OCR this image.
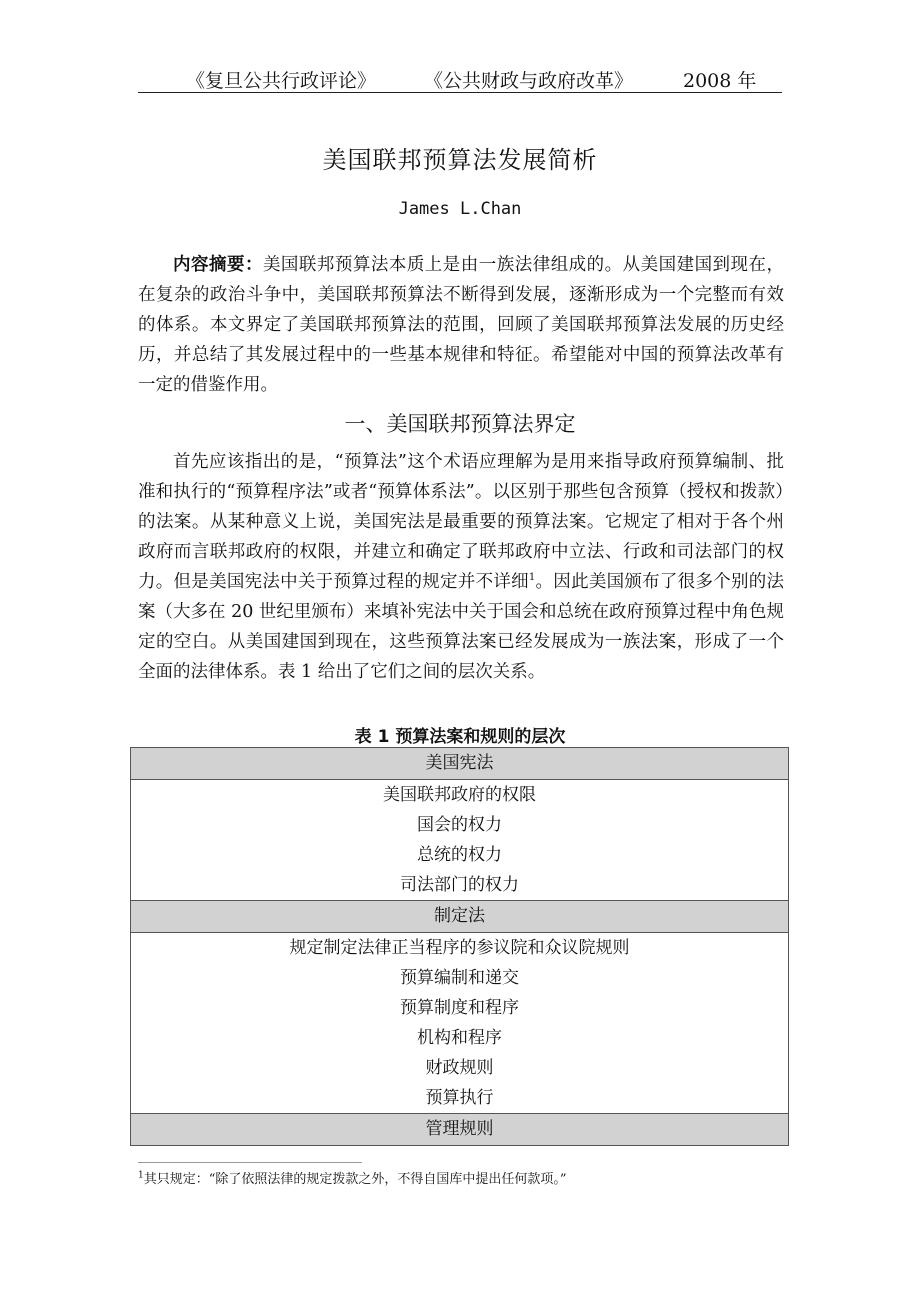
《复旦公共行政评论》	《公共财政与政府改革》	2008 年
美国联邦预算法发展简析
James L.Chan

内容摘要：美国联邦预算法本质上是由一族法律组成的。从美国建国到现在，在复杂的政治斗争中，美国联邦预算法不断得到发展，逐渐形成为一个完整而有效的体系。本文界定了美国联邦预算法的范围，回顾了美国联邦预算法发展的历史经历，并总结了其发展过程中的一些基本规律和特征。希望能对中国的预算法改革有一定的借鉴作用。

一、美国联邦预算法界定

首先应该指出的是，“预算法”这个术语应理解为是用来指导政府预算编制、批准和执行的“预算程序法”或者“预算体系法”。以区别于那些包含预算（授权和拨款）的法案。从某种意义上说，美国宪法是最重要的预算法案。它规定了相对于各个州政府而言联邦政府的权限，并建立和确定了联邦政府中立法、行政和司法部门的权力。但是美国宪法中关于预算过程的规定并不详细$^1$。因此美国颁布了很多个别的法案（大多在 20 世纪里颁布）来填补宪法中关于国会和总统在政府预算过程中角色规定的空白。从美国建国到现在，这些预算法案已经发展成为一族法案，形成了一个全面的法律体系。表 1 给出了它们之间的层次关系。

表 1 预算法案和规则的层次
美国宪法
美国联邦政府的权限
国会的权力
总统的权力
司法部门的权力
制定法
规定制定法律正当程序的参议院和众议院规则
预算编制和递交
预算制度和程序
机构和程序
财政规则
预算执行
管理规则
$^1$其只规定：“除了依照法律的规定拨款之外，不得自国库中提出任何款项。”
